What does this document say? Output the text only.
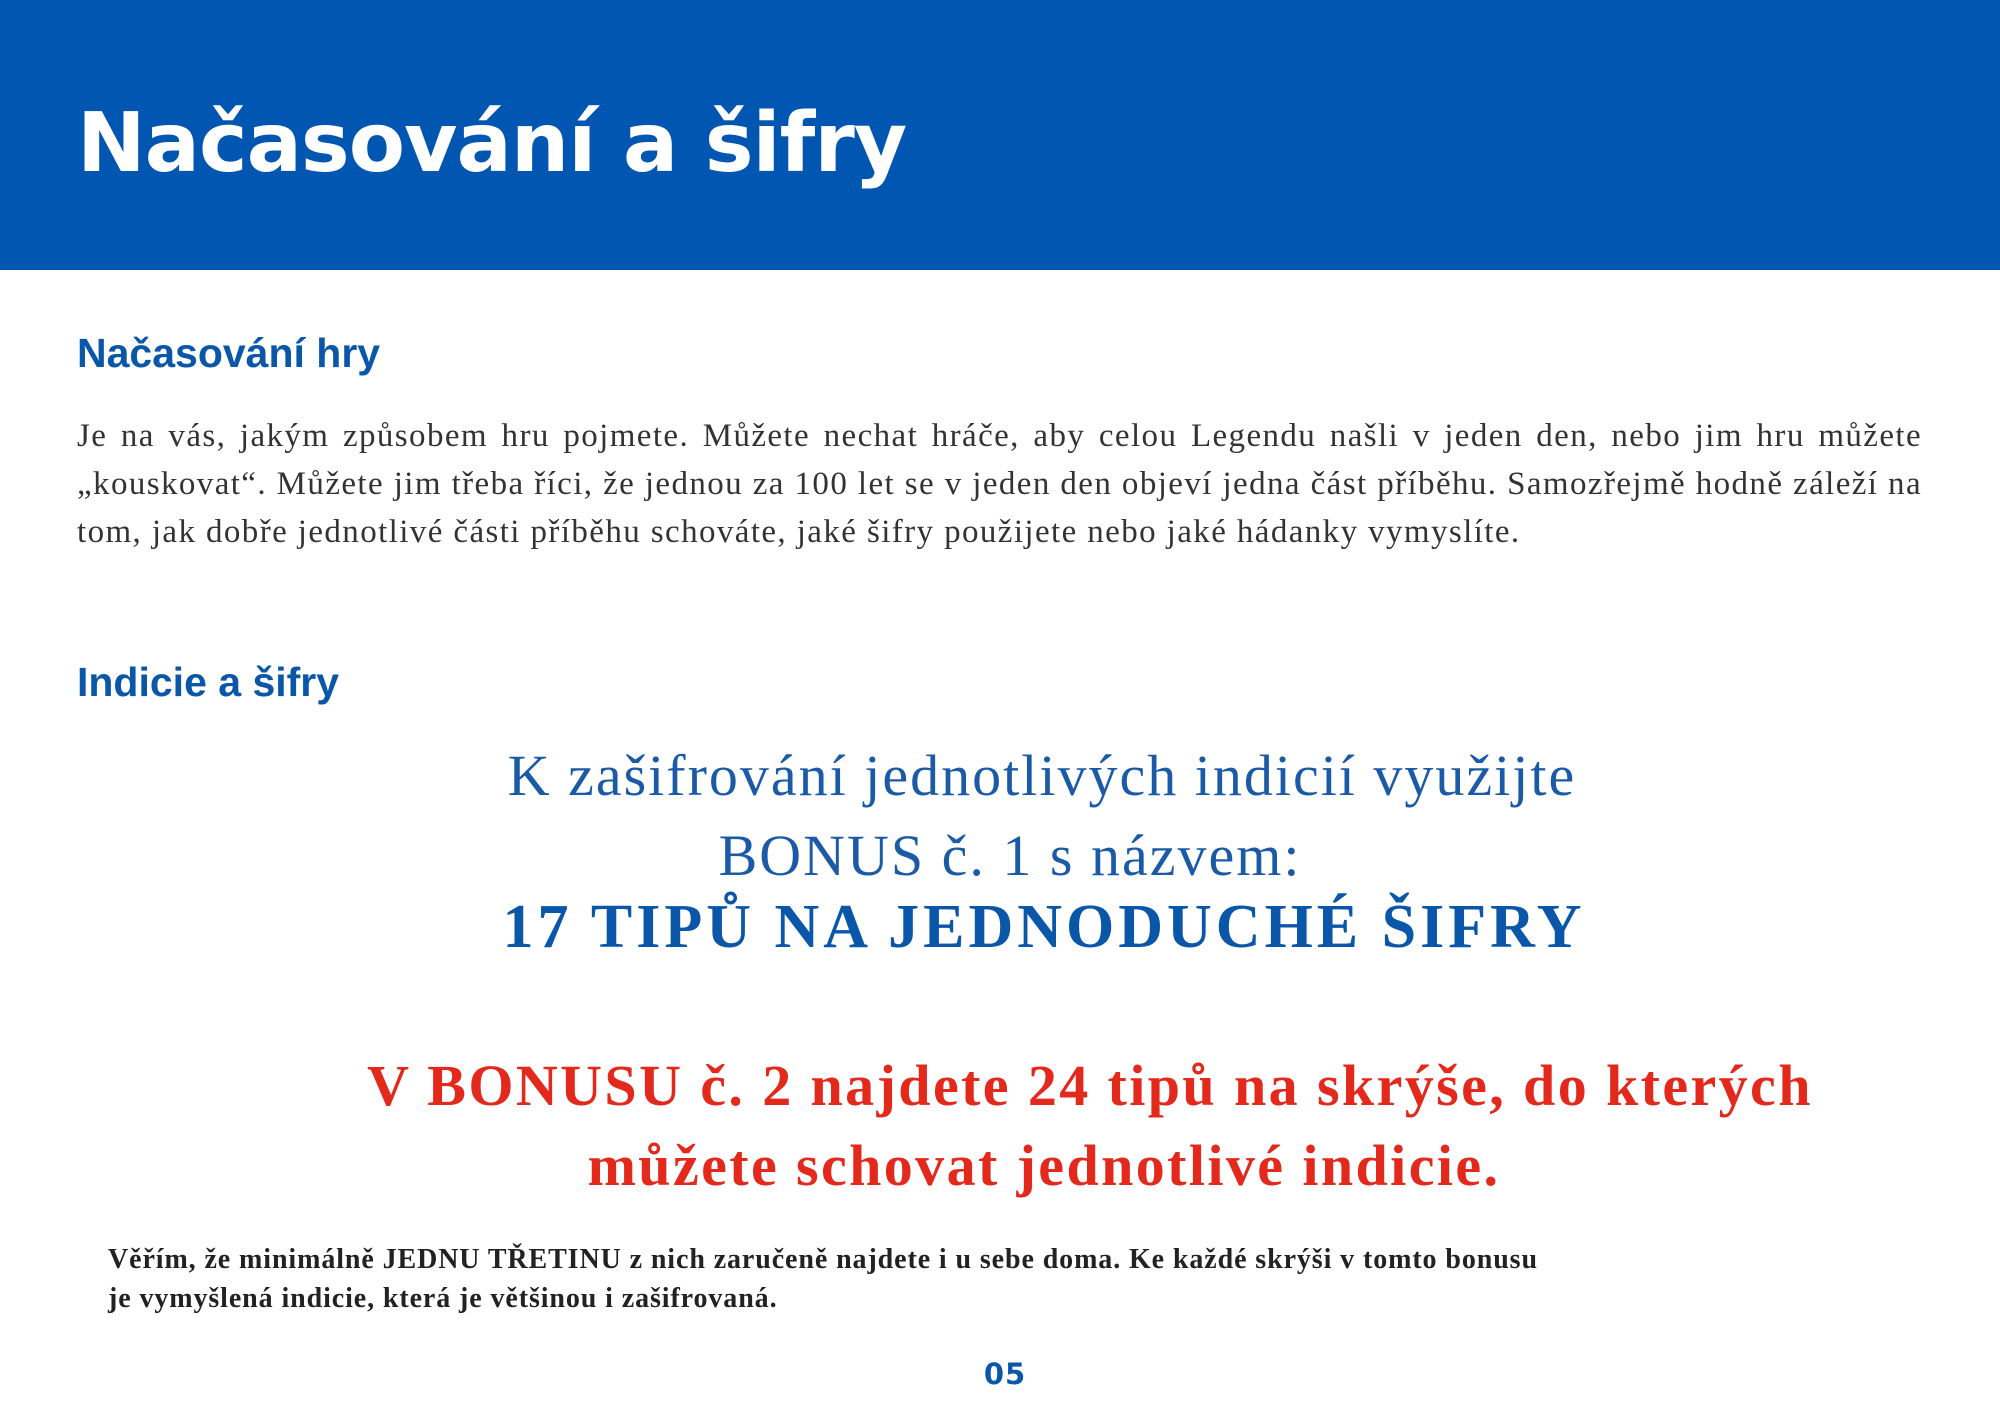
Načasování a šifry
Načasování hry

Je na vás, jakým způsobem hru pojmete. Můžete nechat hráče, aby celou Legendu našli v jeden den, nebo jim hru můžete „kouskovat“. Můžete jim třeba říci, že jednou za 100 let se v jeden den objeví jedna část příběhu. Samozřejmě hodně záleží na tom, jak dobře jednotlivé části příběhu schováte, jaké šifry použijete nebo jaké hádanky vymyslíte.

Indicie a šifry
K zašifrování jednotlivých indicií využijte
BONUS č. 1 s názvem:
17 TIPŮ NA JEDNODUCHÉ ŠIFRY
V BONUSU č. 2 najdete 24 tipů na skrýše, do kterých
můžete schovat jednotlivé indicie.
Věřím, že minimálně JEDNU TŘETINU z nich zaručeně najdete i u sebe doma. Ke každé skrýši v tomto bonusu
je vymyšlená indicie, která je většinou i zašifrovaná.
05
